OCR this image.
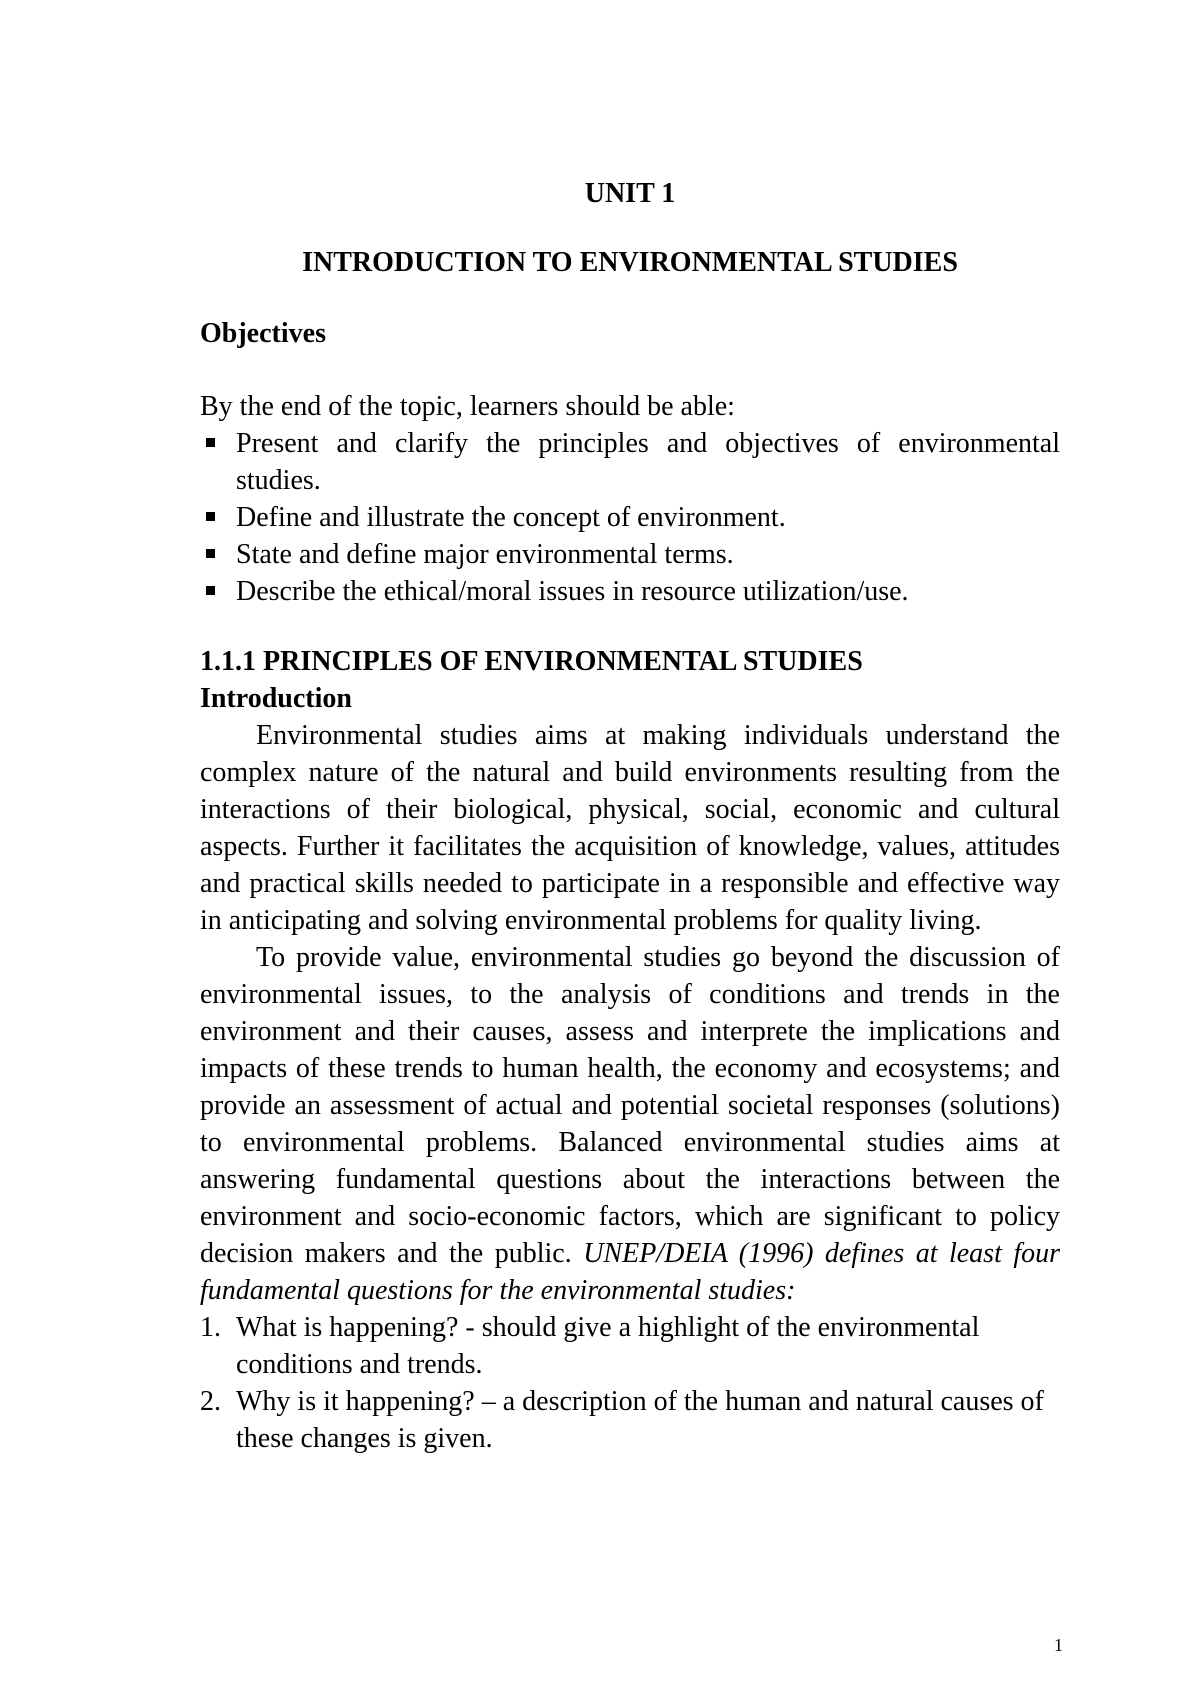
UNIT 1
INTRODUCTION TO ENVIRONMENTAL STUDIES
Objectives
By the end of the topic, learners should be able:
Present and clarify the principles and objectives of environmental studies.
Define and illustrate the concept of environment.
State and define major environmental terms.
Describe the ethical/moral issues in resource utilization/use.
1.1.1 PRINCIPLES OF ENVIRONMENTAL STUDIES
Introduction

Environmental studies aims at making individuals understand the complex nature of the natural and build environments resulting from the interactions of their biological, physical, social, economic and cultural aspects. Further it facilitates the acquisition of knowledge, values, attitudes and practical skills needed to participate in a responsible and effective way in anticipating and solving environmental problems for quality living.

To provide value, environmental studies go beyond the discussion of environmental issues, to the analysis of conditions and trends in the environment and their causes, assess and interprete the implications and impacts of these trends to human health, the economy and ecosystems; and provide an assessment of actual and potential societal responses (solutions) to environmental problems. Balanced environmental studies aims at answering fundamental questions about the interactions between the environment and socio-economic factors, which are significant to policy decision makers and the public. UNEP/DEIA (1996) defines at least four fundamental questions for the environmental studies:

1. What is happening? - should give a highlight of the environmental conditions and trends.
2. Why is it happening? – a description of the human and natural causes of these changes is given.
1
